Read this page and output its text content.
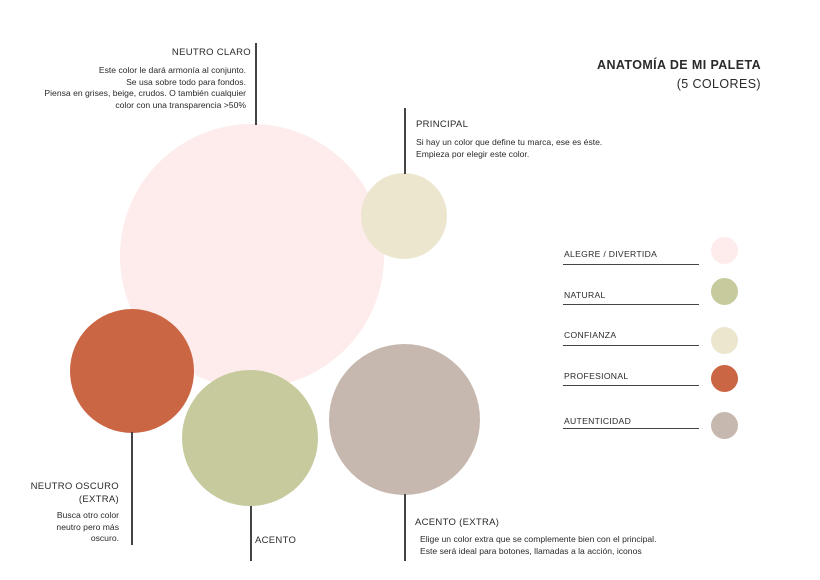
ANATOMÍA DE MI PALETA
(5 COLORES)
NEUTRO CLARO
Este color le dará armonía al conjunto.
Se usa sobre todo para fondos.
Piensa en grises, beige, crudos. O también cualquier
color con una transparencia >50%
PRINCIPAL
Si hay un color que define tu marca, ese es éste.
Empieza por elegir este color.
NEUTRO OSCURO
(EXTRA)
Busca otro color
neutro pero más
oscuro.	ACENTO
ACENTO (EXTRA)
Elige un color extra que se complemente bien con el principal.
Este será ideal para botones, llamadas a la acción, iconos
ALEGRE / DIVERTIDA
NATURAL
CONFIANZA
PROFESIONAL
AUTENTICIDAD
